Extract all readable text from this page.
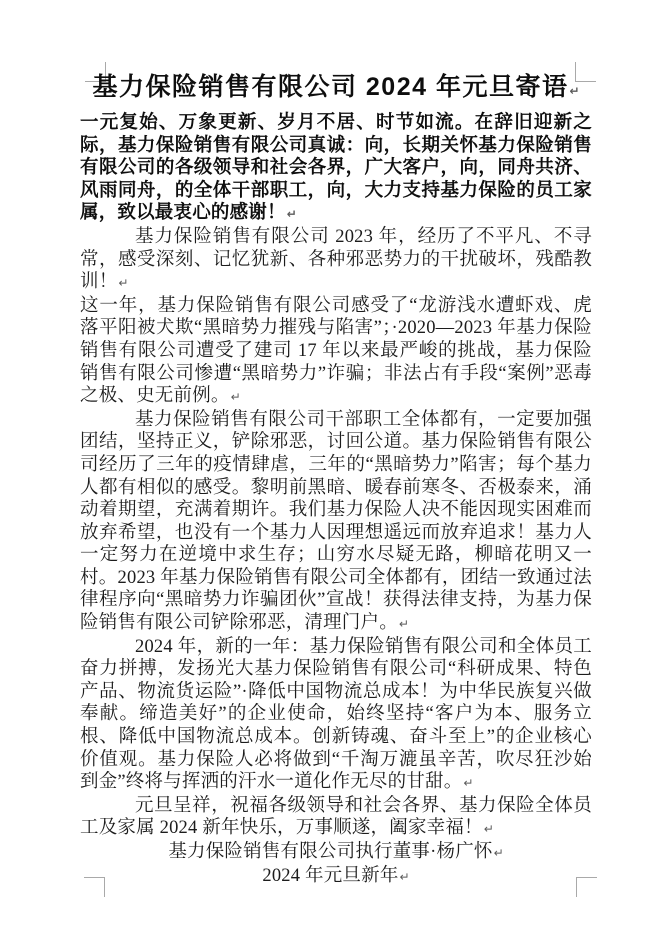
基力保险销售有限公司 2024 年元旦寄语↵

一元复始、万象更新、岁月不居、时节如流。在辞旧迎新之际，基力保险销售有限公司真诚：向，长期关怀基力保险销售有限公司的各级领导和社会各界，广大客户，向，同舟共济、风雨同舟，的全体干部职工，向，大力支持基力保险的员工家属，致以最衷心的感谢！↵

基力保险销售有限公司 2023 年，经历了不平凡、不寻常，感受深刻、记忆犹新、各种邪恶势力的干扰破坏，残酷教训！↵

这一年，基力保险销售有限公司感受了“龙游浅水遭虾戏、虎落平阳被犬欺“黑暗势力摧残与陷害”；·2020—2023 年基力保险销售有限公司遭受了建司 17 年以来最严峻的挑战，基力保险销售有限公司惨遭“黑暗势力”诈骗；非法占有手段“案例”恶毒之极、史无前例。↵

基力保险销售有限公司干部职工全体都有，一定要加强团结，坚持正义，铲除邪恶，讨回公道。基力保险销售有限公司经历了三年的疫情肆虐，三年的“黑暗势力”陷害；每个基力人都有相似的感受。黎明前黑暗、暖春前寒冬、否极泰来，涌动着期望，充满着期许。我们基力保险人决不能因现实困难而放弃希望，也没有一个基力人因理想遥远而放弃追求！基力人一定努力在逆境中求生存；山穷水尽疑无路，柳暗花明又一村。2023 年基力保险销售有限公司全体都有，团结一致通过法律程序向“黑暗势力诈骗团伙”宣战！获得法律支持，为基力保险销售有限公司铲除邪恶，清理门户。↵

2024 年，新的一年：基力保险销售有限公司和全体员工奋力拼搏，发扬光大基力保险销售有限公司“科研成果、特色产品、物流货运险”·降低中国物流总成本！为中华民族复兴做奉献。缔造美好”的企业使命，始终坚持“客户为本、服务立根、降低中国物流总成本。创新铸魂、奋斗至上”的企业核心价值观。基力保险人必将做到“千淘万漉虽辛苦，吹尽狂沙始到金”终将与挥洒的汗水一道化作无尽的甘甜。↵

元旦呈祥，祝福各级领导和社会各界、基力保险全体员工及家属 2024 新年快乐，万事顺遂，阖家幸福！↵

基力保险销售有限公司执行董事·杨广怀↵

2024 年元旦新年↵
